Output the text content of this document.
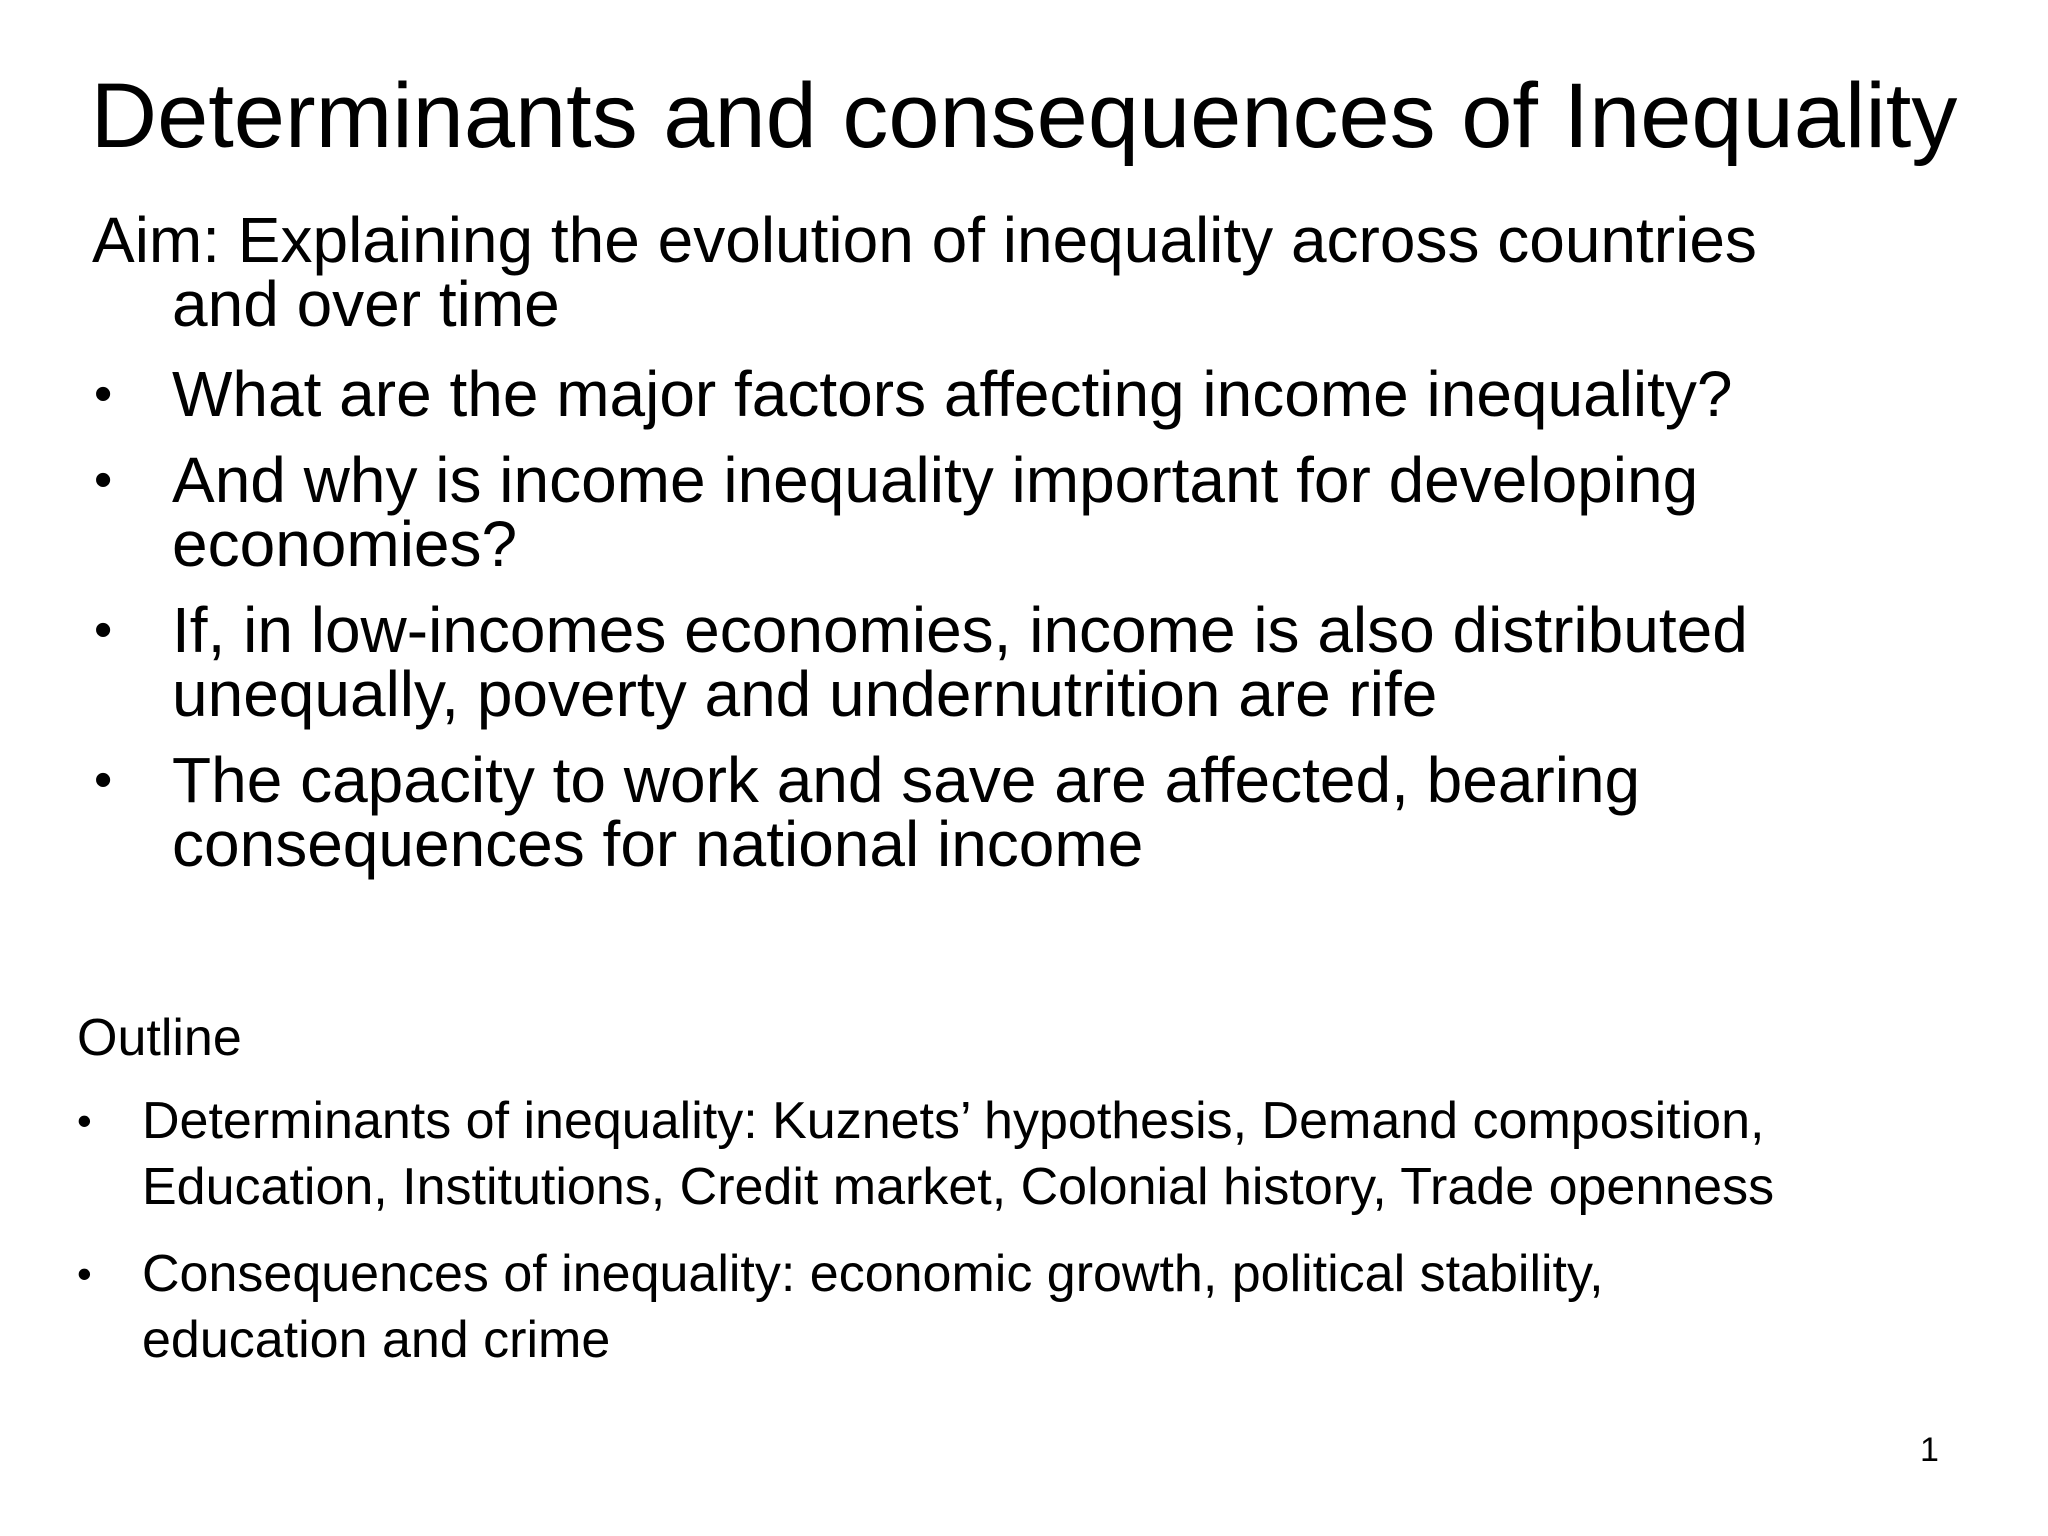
Determinants and consequences of Inequality

Aim: Explaining the evolution of inequality across countries

and over time

• What are the major factors affecting income inequality?
• And why is income inequality important for developing
economies?
• If, in low-incomes economies, income is also distributed
unequally, poverty and undernutrition are rife
• The capacity to work and save are affected, bearing
consequences for national income

Outline

• Determinants of inequality: Kuznets’ hypothesis, Demand composition,
Education, Institutions, Credit market, Colonial history, Trade openness
• Consequences of inequality: economic growth, political stability,
education and crime
1
